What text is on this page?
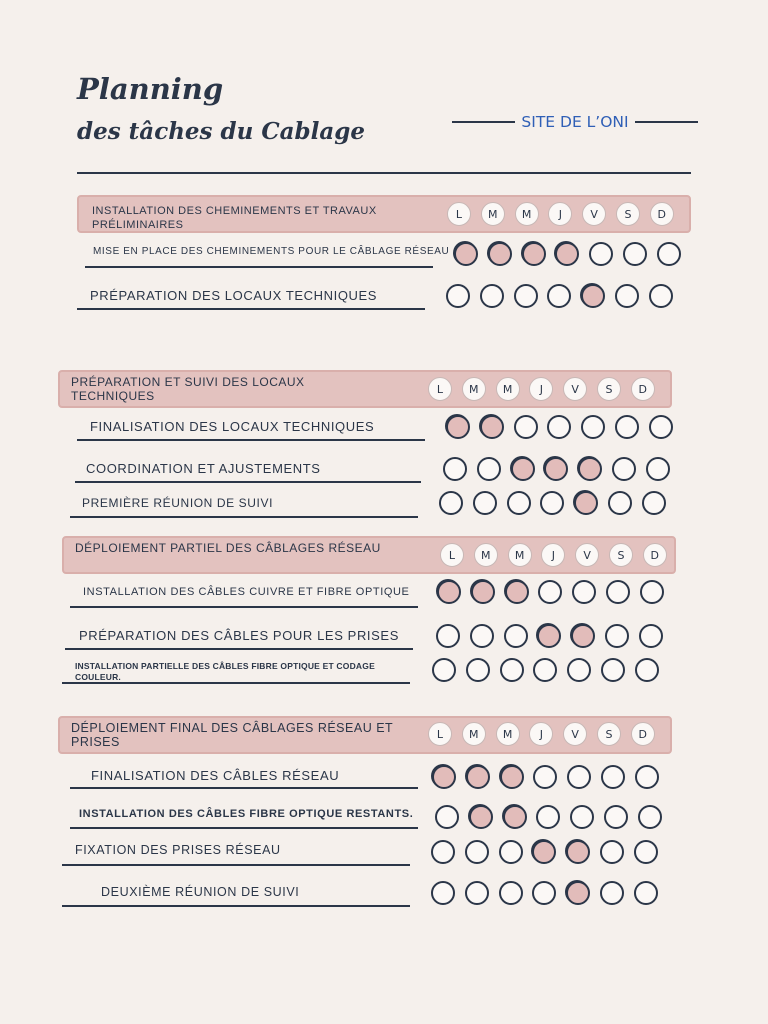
Planning
des tâches du Cablage	SITE DE L’ONI
INSTALLATION DES CHEMINEMENTS ET TRAVAUX PRÉLIMINAIRES
L	M	M	J	V	S	D
MISE EN PLACE DES CHEMINEMENTS POUR LE CÂBLAGE RÉSEAU
PRÉPARATION DES LOCAUX TECHNIQUES
PRÉPARATION ET SUIVI DES LOCAUX TECHNIQUES	L	M	M	J	V	S	D
FINALISATION DES LOCAUX TECHNIQUES
COORDINATION ET AJUSTEMENTS
PREMIÈRE RÉUNION DE SUIVI
DÉPLOIEMENT PARTIEL DES CÂBLAGES RÉSEAU	L	M	M	J	V	S	D
INSTALLATION DES CÂBLES CUIVRE ET FIBRE OPTIQUE
PRÉPARATION DES CÂBLES POUR LES PRISES
INSTALLATION PARTIELLE DES CÂBLES FIBRE OPTIQUE ET CODAGE COULEUR.
DÉPLOIEMENT FINAL DES CÂBLAGES RÉSEAU ET PRISES
L	M	M	J	V	S	D
FINALISATION DES CÂBLES RÉSEAU
INSTALLATION DES CÂBLES FIBRE OPTIQUE RESTANTS.
FIXATION DES PRISES RÉSEAU
DEUXIÈME RÉUNION DE SUIVI
